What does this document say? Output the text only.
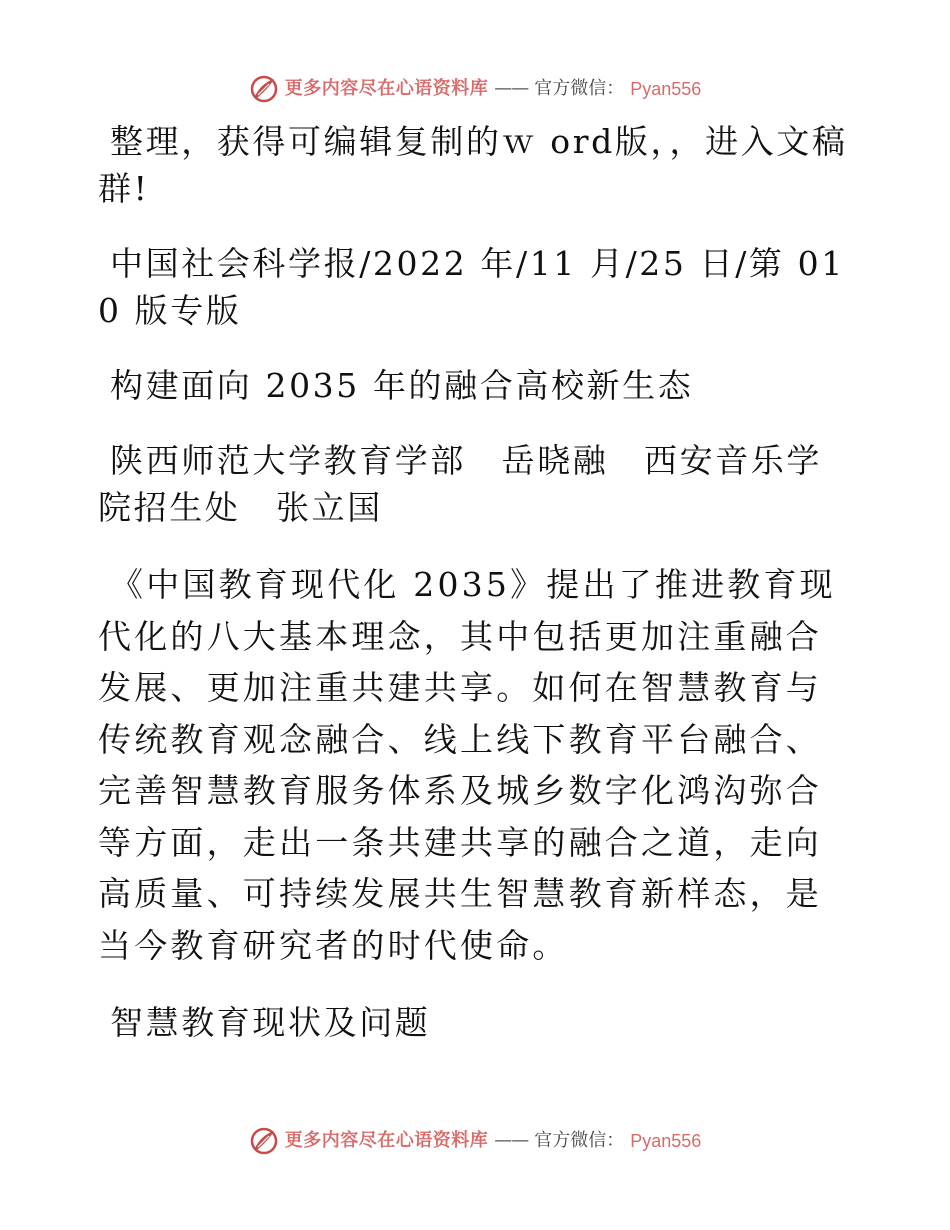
更多内容尽在心语资料库 —— 官方微信： Pyan556

整理，获得可编辑复制的ｗ ord版，，进入文稿群!

中国社会科学报/2022 年/11 月/25 日/第 010 版专版

构建面向 2035 年的融合高校新生态

陕西师范大学教育学部　岳晓融　西安音乐学院招生处　张立国

《中国教育现代化 2035》提出了推进教育现代化的八大基本理念，其中包括更加注重融合发展、更加注重共建共享。如何在智慧教育与传统教育观念融合、线上线下教育平台融合、完善智慧教育服务体系及城乡数字化鸿沟弥合等方面，走出一条共建共享的融合之道，走向高质量、可持续发展共生智慧教育新样态，是当今教育研究者的时代使命。

智慧教育现状及问题

更多内容尽在心语资料库 —— 官方微信： Pyan556
